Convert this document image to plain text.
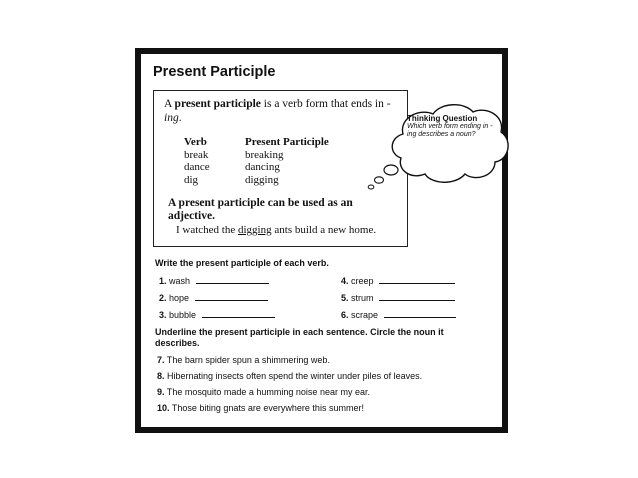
Present Participle
A present participle is a verb form that ends in -ing.
Verb
break
dance
dig
Present Participle
breaking
dancing
digging
A present participle can be used as an adjective.
I watched the digging ants build a new home.
Thinking Question
Which verb form ending in -ing describes a noun?
Write the present participle of each verb.
1. wash
2. hope
3. bubble
4. creep
5. strum
6. scrape
Underline the present participle in each sentence. Circle the noun it describes.
7. The barn spider spun a shimmering web.
8. Hibernating insects often spend the winter under piles of leaves.
9. The mosquito made a humming noise near my ear.
10. Those biting gnats are everywhere this summer!
